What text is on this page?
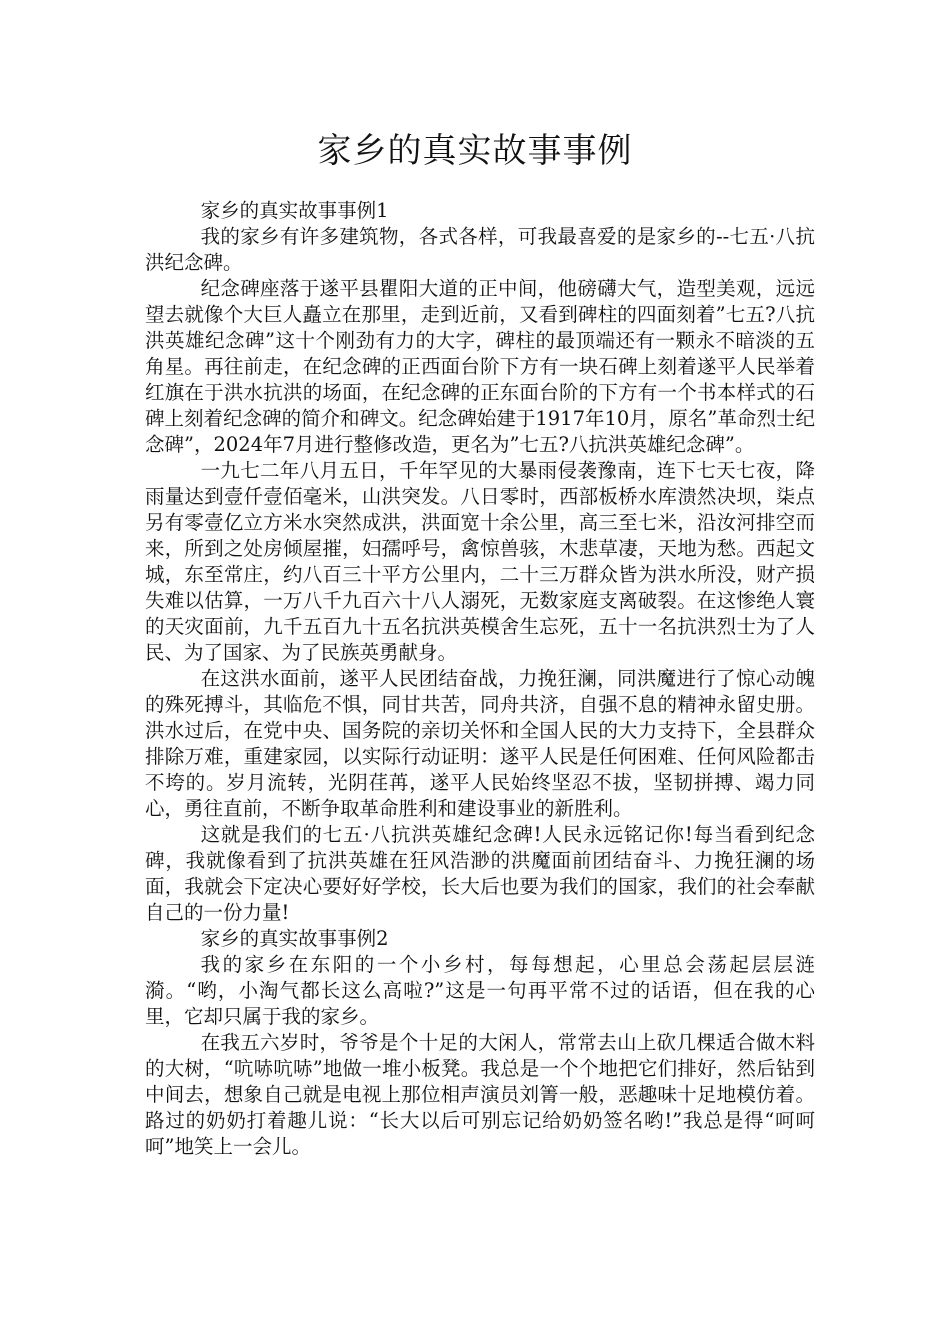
家乡的真实故事事例

家乡的真实故事事例1

我的家乡有许多建筑物，各式各样，可我最喜爱的是家乡的--七五·八抗洪纪念碑。

纪念碑座落于遂平县瞿阳大道的正中间，他磅礴大气，造型美观，远远望去就像个大巨人矗立在那里，走到近前，又看到碑柱的四面刻着”七五?八抗洪英雄纪念碑”这十个刚劲有力的大字，碑柱的最顶端还有一颗永不暗淡的五角星。再往前走，在纪念碑的正西面台阶下方有一块石碑上刻着遂平人民举着红旗在于洪水抗洪的场面，在纪念碑的正东面台阶的下方有一个书本样式的石碑上刻着纪念碑的简介和碑文。纪念碑始建于1917年10月，原名”革命烈士纪念碑”，2024年7月进行整修改造，更名为”七五?八抗洪英雄纪念碑”。

一九七二年八月五日，千年罕见的大暴雨侵袭豫南，连下七天七夜，降雨量达到壹仟壹佰毫米，山洪突发。八日零时，西部板桥水库溃然决坝，柒点另有零壹亿立方米水突然成洪，洪面宽十余公里，高三至七米，沿汝河排空而来，所到之处房倾屋摧，妇孺呼号，禽惊兽骇，木悲草凄，天地为愁。西起文城，东至常庄，约八百三十平方公里内，二十三万群众皆为洪水所没，财产损失难以估算，一万八千九百六十八人溺死，无数家庭支离破裂。在这惨绝人寰的天灾面前，九千五百九十五名抗洪英模舍生忘死，五十一名抗洪烈士为了人民、为了国家、为了民族英勇献身。

在这洪水面前，遂平人民团结奋战，力挽狂澜，同洪魔进行了惊心动魄的殊死搏斗，其临危不惧，同甘共苦，同舟共济，自强不息的精神永留史册。洪水过后，在党中央、国务院的亲切关怀和全国人民的大力支持下，全县群众排除万难，重建家园，以实际行动证明：遂平人民是任何困难、任何风险都击不垮的。岁月流转，光阴荏苒，遂平人民始终坚忍不拔，坚韧拼搏、竭力同心，勇往直前，不断争取革命胜利和建设事业的新胜利。

这就是我们的七五·八抗洪英雄纪念碑!人民永远铭记你!每当看到纪念碑，我就像看到了抗洪英雄在狂风浩渺的洪魔面前团结奋斗、力挽狂澜的场面，我就会下定决心要好好学校，长大后也要为我们的国家，我们的社会奉献自己的一份力量!

家乡的真实故事事例2

我的家乡在东阳的一个小乡村，每每想起，心里总会荡起层层涟漪。“哟，小淘气都长这么高啦?”这是一句再平常不过的话语，但在我的心里，它却只属于我的家乡。

在我五六岁时，爷爷是个十足的大闲人，常常去山上砍几棵适合做木料的大树，“吭哧吭哧”地做一堆小板凳。我总是一个个地把它们排好，然后钻到中间去，想象自己就是电视上那位相声演员刘箐一般，恶趣味十足地模仿着。路过的奶奶打着趣儿说：“长大以后可别忘记给奶奶签名哟!”我总是得“呵呵呵”地笑上一会儿。
